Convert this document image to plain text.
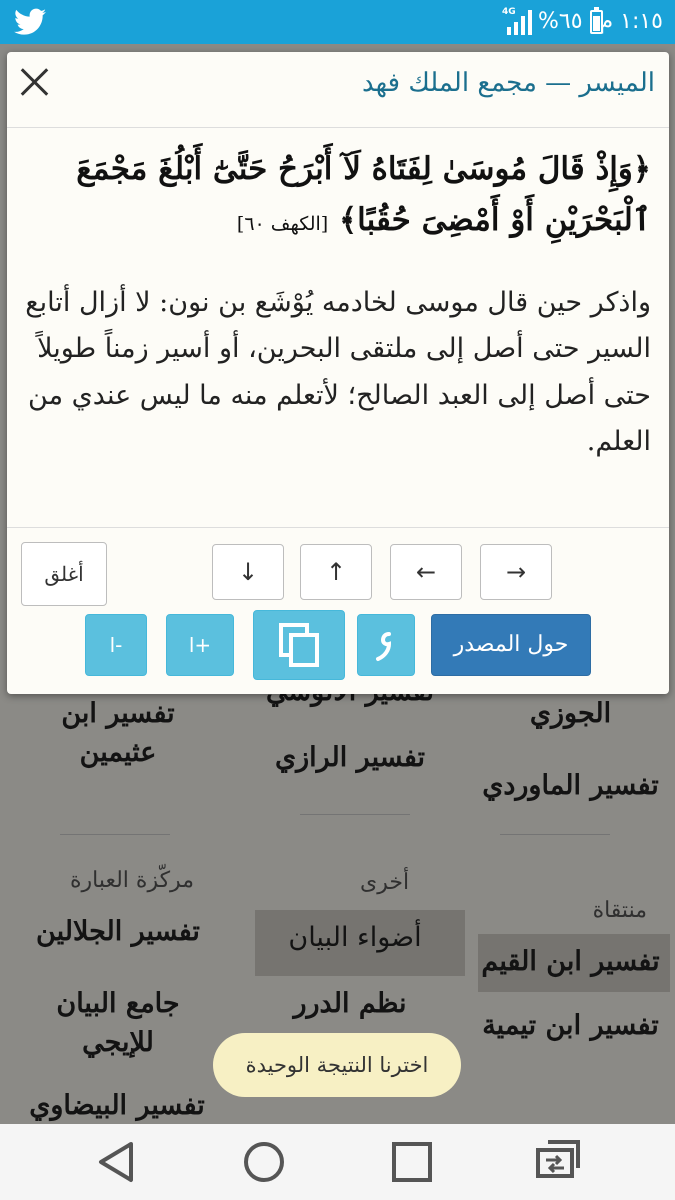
4G %٦٥ ١:١٥ م
الجوزي
تفسير الماوردي
منتقاة
تفسير ابن القيم
تفسير ابن تيمية
تفسير الرازي
أخرى
أضواء البيان
نظم الدرر
تفسير ابن عثيمين
مركّزة العبارة
تفسير الجلالين
جامع البيان للإيجي
تفسير البيضاوي
الميسر — مجمع الملك فهد
﴿وَإِذْ قَالَ مُوسَىٰ لِفَتَاهُ لَآ أَبْرَحُ حَتَّىٰٓ أَبْلُغَ مَجْمَعَ ٱلْبَحْرَيْنِ أَوْ أَمْضِىَ حُقُبًا﴾ [الكهف ٦٠]
واذكر حين قال موسى لخادمه يُوْشَع بن نون: لا أزال أتابع السير حتى أصل إلى ملتقى البحرين، أو أسير زمناً طويلاً حتى أصل إلى العبد الصالح؛ لأتعلم منه ما ليس عندي من العلم.
→
←
↑
↓
أغلق
حول المصدر
ا+
ا-
اخترنا النتيجة الوحيدة
